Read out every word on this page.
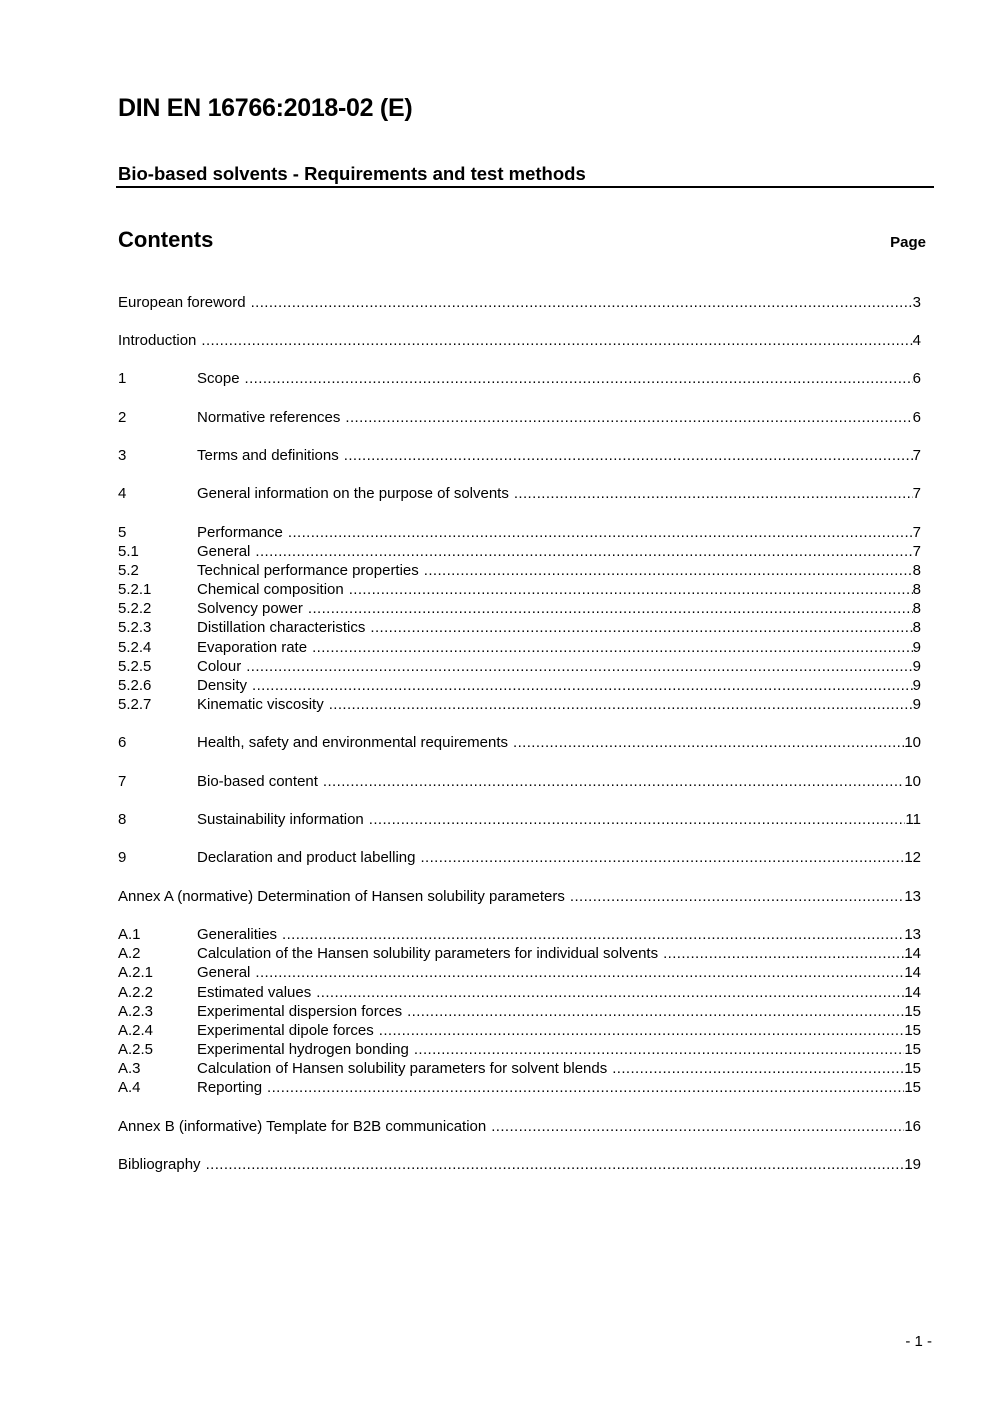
DIN EN 16766:2018-02 (E)
Bio-based solvents - Requirements and test methods
Contents	Page
European foreword .....	3
Introduction .....	4
1	Scope .....	6
2	Normative references .....	6
3	Terms and definitions .....	7
4	General information on the purpose of solvents .....	7
5	Performance .....	7
5.1	General .....	7
5.2	Technical performance properties .....	8
5.2.1	Chemical composition .....	8
5.2.2	Solvency power .....	8
5.2.3	Distillation characteristics .....	8
5.2.4	Evaporation rate .....	9
5.2.5	Colour .....	9
5.2.6	Density .....	9
5.2.7	Kinematic viscosity .....	9
6	Health, safety and environmental requirements .....	10
7	Bio-based content .....	10
8	Sustainability information .....	11
9	Declaration and product labelling .....	12
Annex A (normative) Determination of Hansen solubility parameters .....	13
A.1	Generalities .....	13
A.2	Calculation of the Hansen solubility parameters for individual solvents .....	14
A.2.1	General .....	14
A.2.2	Estimated values .....	14
A.2.3	Experimental dispersion forces .....	15
A.2.4	Experimental dipole forces .....	15
A.2.5	Experimental hydrogen bonding .....	15
A.3	Calculation of Hansen solubility parameters for solvent blends .....	15
A.4	Reporting .....	15
Annex B (informative) Template for B2B communication .....	16
Bibliography .....	19
- 1 -
